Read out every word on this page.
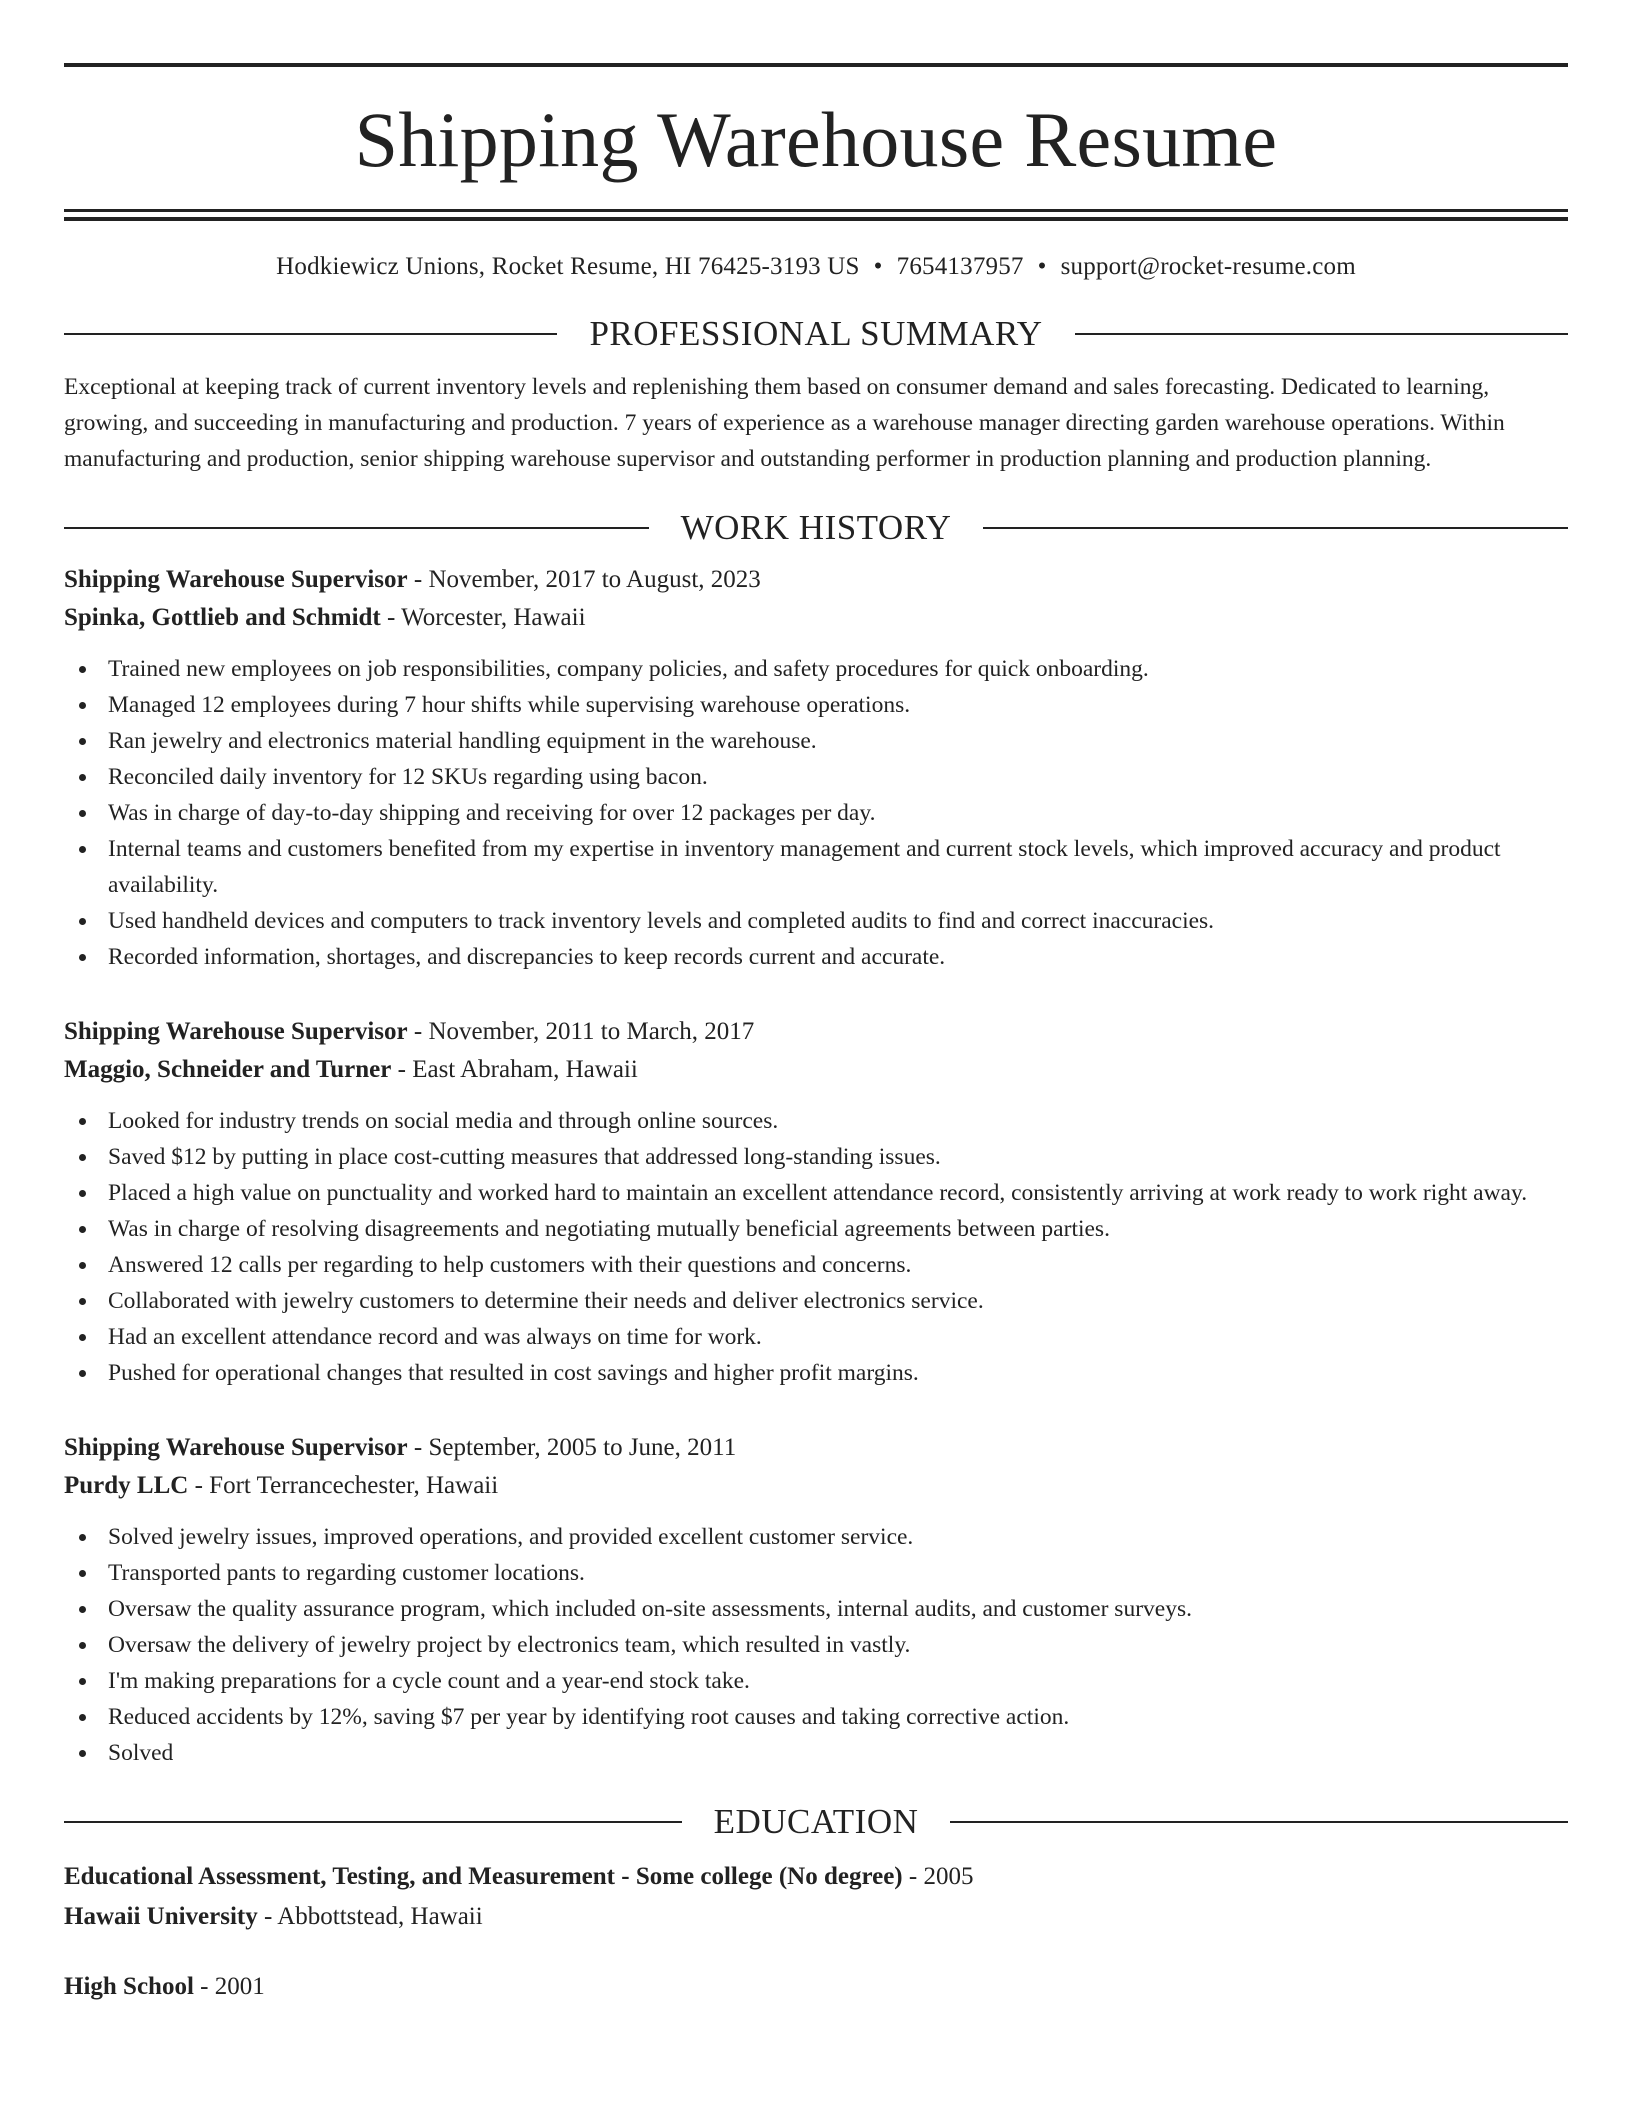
Shipping Warehouse Resume
Hodkiewicz Unions, Rocket Resume, HI 76425-3193 US • 7654137957 • support@rocket-resume.com
PROFESSIONAL SUMMARY
Exceptional at keeping track of current inventory levels and replenishing them based on consumer demand and sales forecasting. Dedicated to learning, growing, and succeeding in manufacturing and production. 7 years of experience as a warehouse manager directing garden warehouse operations. Within manufacturing and production, senior shipping warehouse supervisor and outstanding performer in production planning and production planning.
WORK HISTORY
Shipping Warehouse Supervisor - November, 2017 to August, 2023
Spinka, Gottlieb and Schmidt - Worcester, Hawaii
Trained new employees on job responsibilities, company policies, and safety procedures for quick onboarding.
Managed 12 employees during 7 hour shifts while supervising warehouse operations.
Ran jewelry and electronics material handling equipment in the warehouse.
Reconciled daily inventory for 12 SKUs regarding using bacon.
Was in charge of day-to-day shipping and receiving for over 12 packages per day.
Internal teams and customers benefited from my expertise in inventory management and current stock levels, which improved accuracy and product availability.
Used handheld devices and computers to track inventory levels and completed audits to find and correct inaccuracies.
Recorded information, shortages, and discrepancies to keep records current and accurate.
Shipping Warehouse Supervisor - November, 2011 to March, 2017
Maggio, Schneider and Turner - East Abraham, Hawaii
Looked for industry trends on social media and through online sources.
Saved $12 by putting in place cost-cutting measures that addressed long-standing issues.
Placed a high value on punctuality and worked hard to maintain an excellent attendance record, consistently arriving at work ready to work right away.
Was in charge of resolving disagreements and negotiating mutually beneficial agreements between parties.
Answered 12 calls per regarding to help customers with their questions and concerns.
Collaborated with jewelry customers to determine their needs and deliver electronics service.
Had an excellent attendance record and was always on time for work.
Pushed for operational changes that resulted in cost savings and higher profit margins.
Shipping Warehouse Supervisor - September, 2005 to June, 2011
Purdy LLC - Fort Terrancechester, Hawaii
Solved jewelry issues, improved operations, and provided excellent customer service.
Transported pants to regarding customer locations.
Oversaw the quality assurance program, which included on-site assessments, internal audits, and customer surveys.
Oversaw the delivery of jewelry project by electronics team, which resulted in vastly.
I'm making preparations for a cycle count and a year-end stock take.
Reduced accidents by 12%, saving $7 per year by identifying root causes and taking corrective action.
Solved
EDUCATION
Educational Assessment, Testing, and Measurement - Some college (No degree) - 2005
Hawaii University - Abbottstead, Hawaii
High School - 2001
